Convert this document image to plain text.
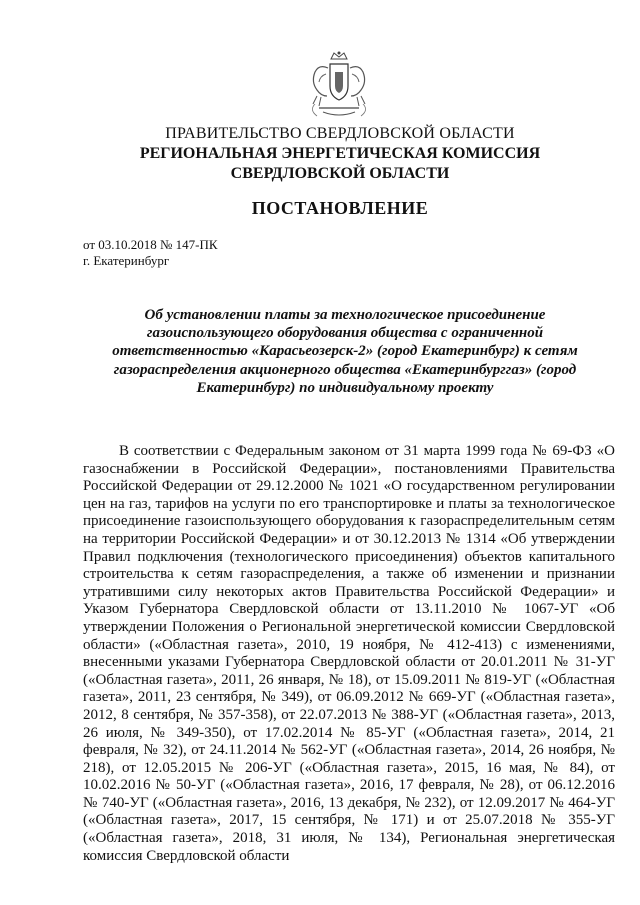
ПРАВИТЕЛЬСТВО СВЕРДЛОВСКОЙ ОБЛАСТИ
РЕГИОНАЛЬНАЯ ЭНЕРГЕТИЧЕСКАЯ КОМИССИЯ
СВЕРДЛОВСКОЙ ОБЛАСТИ
ПОСТАНОВЛЕНИЕ
от 03.10.2018 № 147-ПК
г. Екатеринбург
Об установлении платы за технологическое присоединение газоиспользующего оборудования общества с ограниченной ответственностью «Карасьеозерск-2» (город Екатеринбург) к сетям газораспределения акционерного общества «Екатеринбурггаз» (город Екатеринбург) по индивидуальному проекту
В соответствии с Федеральным законом от 31 марта 1999 года № 69-ФЗ «О газоснабжении в Российской Федерации», постановлениями Правительства Российской Федерации от 29.12.2000 № 1021 «О государственном регулировании цен на газ, тарифов на услуги по его транспортировке и платы за технологическое присоединение газоиспользующего оборудования к газораспределительным сетям на территории Российской Федерации» и от 30.12.2013 № 1314 «Об утверждении Правил подключения (технологического присоединения) объектов капитального строительства к сетям газораспределения, а также об изменении и признании утратившими силу некоторых актов Правительства Российской Федерации» и Указом Губернатора Свердловской области от 13.11.2010 № 1067-УГ «Об утверждении Положения о Региональной энергетической комиссии Свердловской области» («Областная газета», 2010, 19 ноября, № 412-413) с изменениями, внесенными указами Губернатора Свердловской области от 20.01.2011 № 31-УГ («Областная газета», 2011, 26 января, № 18), от 15.09.2011 № 819-УГ («Областная газета», 2011, 23 сентября, № 349), от 06.09.2012 № 669-УГ («Областная газета», 2012, 8 сентября, № 357-358), от 22.07.2013 № 388-УГ («Областная газета», 2013, 26 июля, № 349-350), от 17.02.2014 № 85-УГ («Областная газета», 2014, 21 февраля, № 32), от 24.11.2014 № 562-УГ («Областная газета», 2014, 26 ноября, № 218), от 12.05.2015 № 206-УГ («Областная газета», 2015, 16 мая, № 84), от 10.02.2016 № 50-УГ («Областная газета», 2016, 17 февраля, № 28), от 06.12.2016 № 740-УГ («Областная газета», 2016, 13 декабря, № 232), от 12.09.2017 № 464-УГ («Областная газета», 2017, 15 сентября, № 171) и от 25.07.2018 № 355-УГ («Областная газета», 2018, 31 июля, № 134), Региональная энергетическая комиссия Свердловской области
